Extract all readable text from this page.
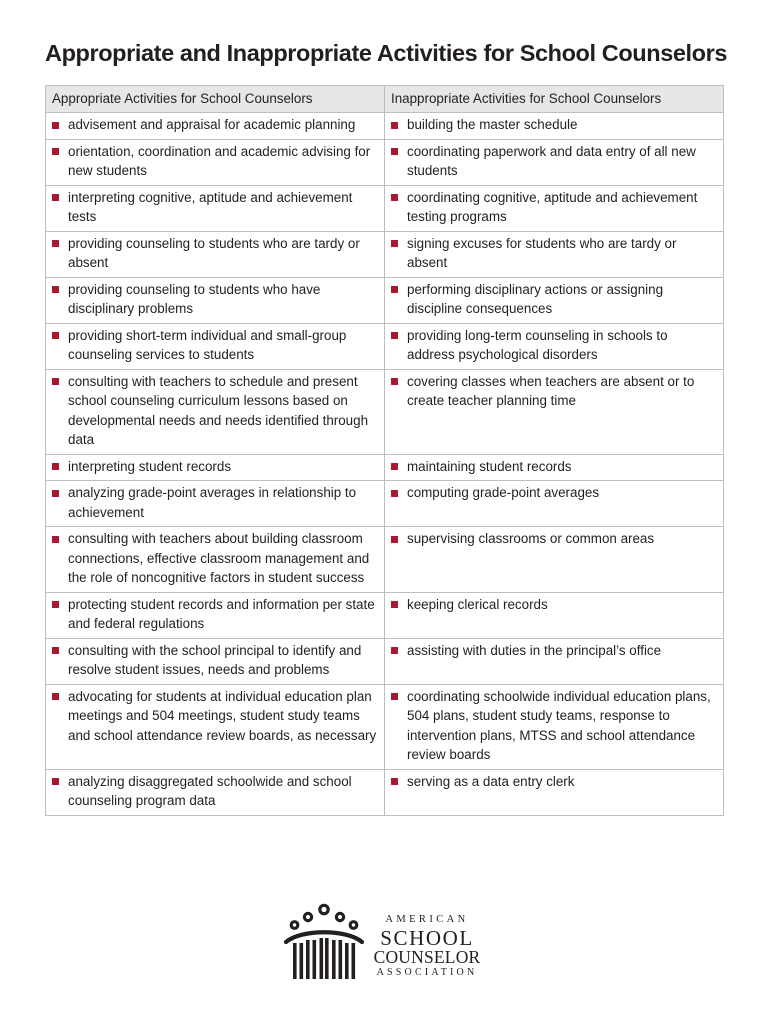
Appropriate and Inappropriate Activities for School Counselors
Appropriate Activities for School Counselors	Inappropriate Activities for School Counselors

advisement and appraisal for academic planning	building the master schedule

orientation, coordination and academic advising for new students	coordinating paperwork and data entry of all new students

interpreting cognitive, aptitude and achievement tests	coordinating cognitive, aptitude and achievement testing programs

providing counseling to students who are tardy or absent	signing excuses for students who are tardy or absent

providing counseling to students who have disciplinary problems	performing disciplinary actions or assigning discipline consequences

providing short-term individual and small-group counseling services to students	providing long-term counseling in schools to address psychological disorders

consulting with teachers to schedule and present school counseling curriculum lessons based on developmental needs and needs identified through data	covering classes when teachers are absent or to create teacher planning time

interpreting student records	maintaining student records

analyzing grade-point averages in relationship to achievement	computing grade-point averages

consulting with teachers about building classroom connections, effective classroom management and the role of noncognitive factors in student success	supervising classrooms or common areas

protecting student records and information per state and federal regulations	keeping clerical records

consulting with the school principal to identify and resolve student issues, needs and problems	assisting with duties in the principal’s office

advocating for students at individual education plan meetings and 504 meetings, student study teams and school attendance review boards, as necessary	coordinating schoolwide individual education plans, 504 plans, student study teams, response to intervention plans, MTSS and school attendance review boards

analyzing disaggregated schoolwide and school counseling program data	serving as a data entry clerk
AMERICAN
SCHOOL
COUNSELOR
ASSOCIATION
